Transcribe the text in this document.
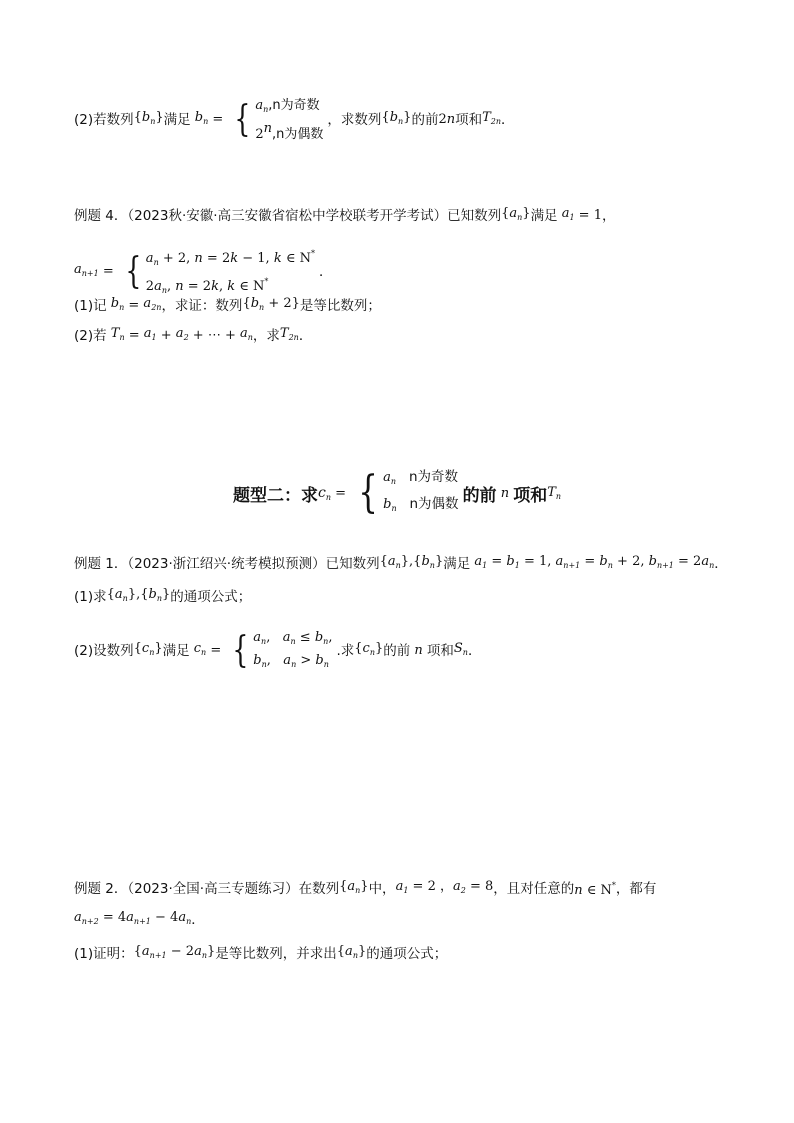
(2)若数列 $\{b_n\}$ 满足 $b_n$ = { $a_n,n$为奇数
2$^n$,n为偶数
，求数列 $\{b_n\}$ 的前 2n 项和 $T_{2n}$ ．
例题 4．（2023秋·安徽·高三安徽省宿松中学校联考开学考试）已知数列 $\{a_n\}$ 满足 $a_1 = 1$ ，
$a_{n+1}$ = { $a_n + 2$, n = 2k − 1, k ∈ N*
$2a_n$, n = 2k, k ∈ N*
．
(1)记 $b_n = a_{2n}$ ，求证：数列 $\{b_n + 2\}$ 是等比数列；
(2)若 $T_n = a_1 + a_2$ + ⋯ + $a_n$ ，求 $T_{2n}$ ．
题型二：求 $c_n$ = { $a_n$ n为奇数
$b_n$ n为偶数 的前 n 项和 $T_n$
例题 1．（2023·浙江绍兴·统考模拟预测）已知数列 $\{a_n\},\{b_n\}$ 满足 $a_1 = b_1 = 1$, $a_{n+1} = b_n + 2$, $b_{n+1} = 2a_n$ ．
(1)求 $\{a_n\},\{b_n\}$ 的通项公式；
(2)设数列 $\{c_n\}$ 满足 $c_n$ = { $a_n$,   $a_n \le b_n$,
$b_n$,   $a_n > b_n$
.求 $\{c_n\}$ 的前 n 项和 $S_n$ ．
例题 2．（2023·全国·高三专题练习）在数列 $\{a_n\}$ 中， $a_1 = 2$ ，$a_2 = 8$ ，且对任意的 n ∈ N* ，都有
$a_{n+2} = 4a_{n+1} - 4a_n$ ．
(1)证明： $\{a_{n+1} - 2a_n\}$ 是等比数列，并求出 $\{a_n\}$ 的通项公式；
